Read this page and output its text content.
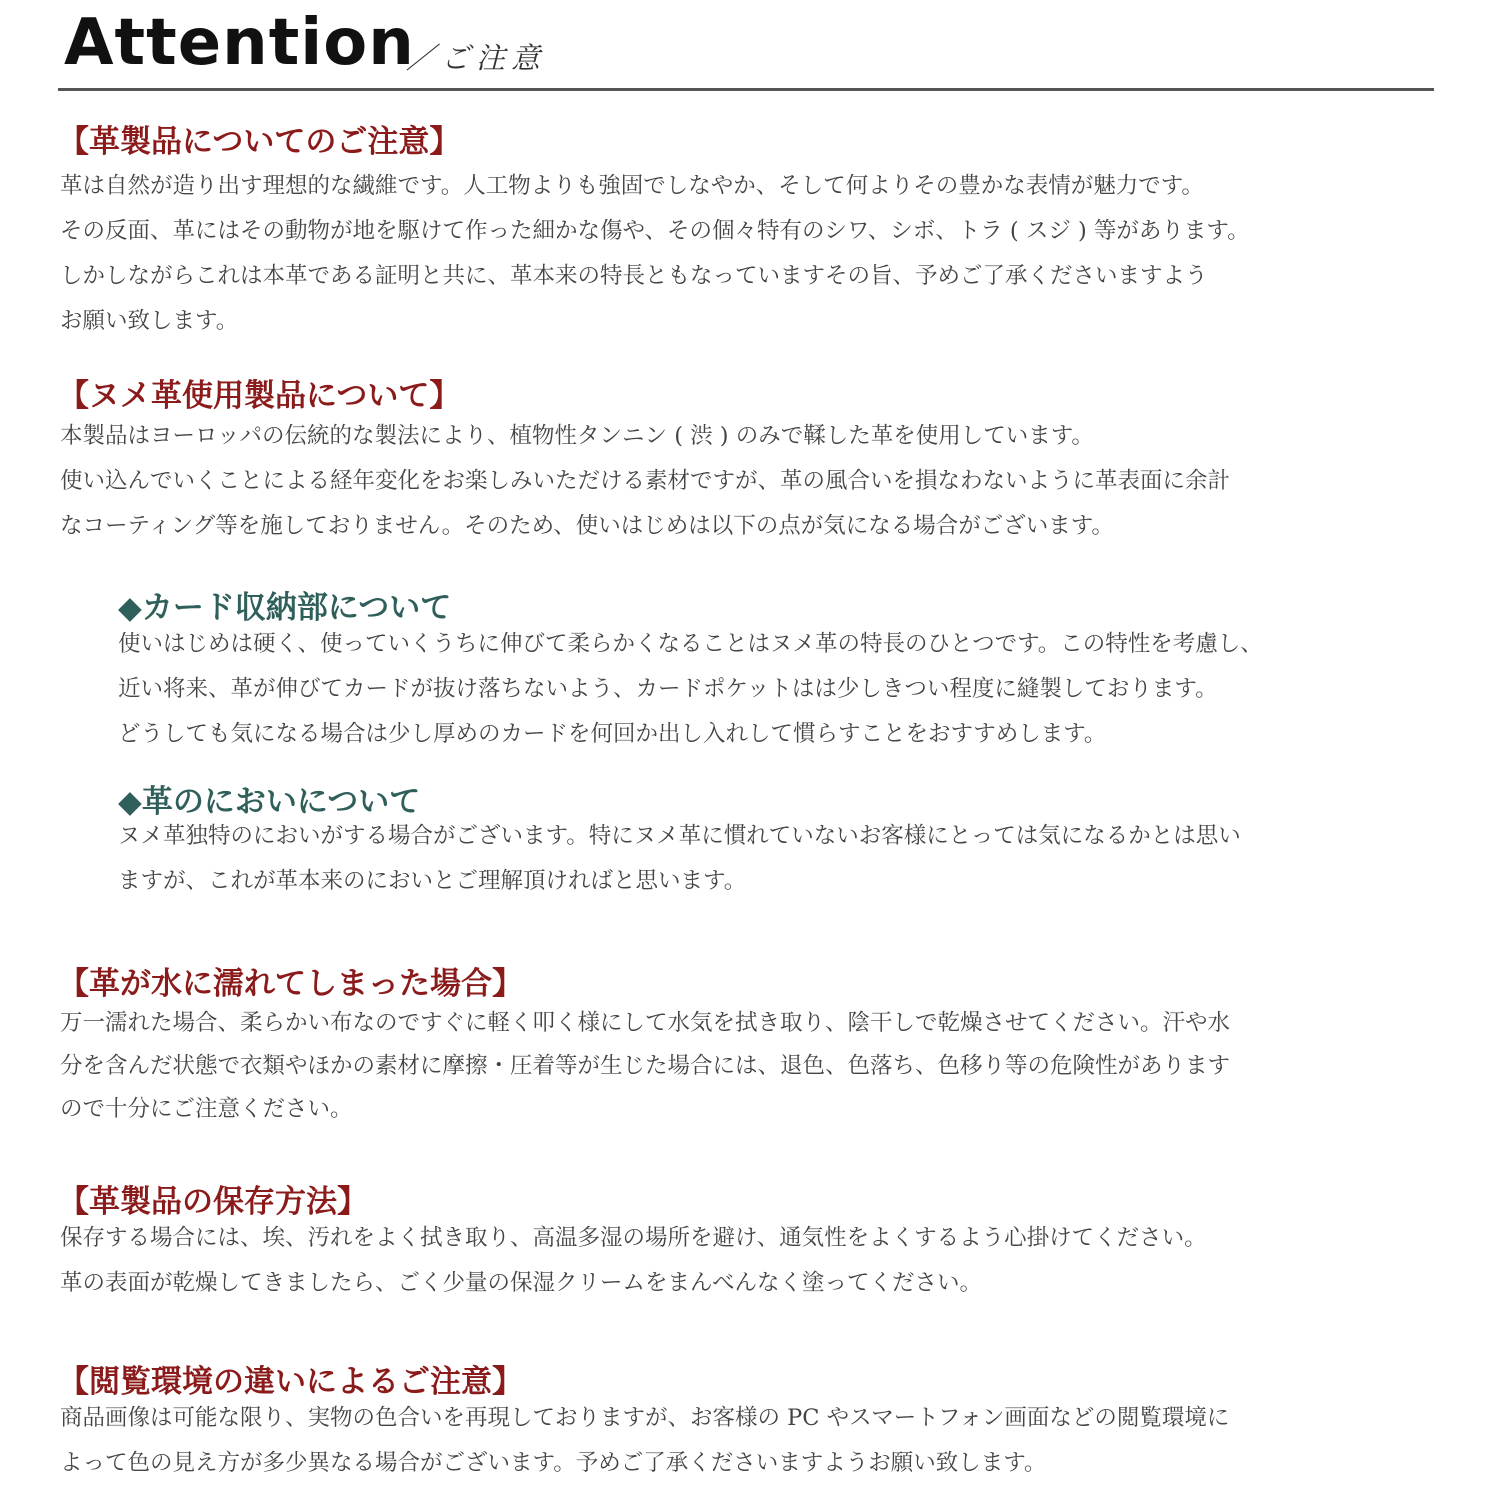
Attention
／ご注意
【革製品についてのご注意】
革は自然が造り出す理想的な繊維です。人工物よりも強固でしなやか、そして何よりその豊かな表情が魅力です。
その反面、革にはその動物が地を駆けて作った細かな傷や、その個々特有のシワ、シボ、トラ ( スジ ) 等があります。
しかしながらこれは本革である証明と共に、革本来の特長ともなっていますその旨、予めご了承くださいますよう
お願い致します。
【ヌメ革使用製品について】
本製品はヨーロッパの伝統的な製法により、植物性タンニン ( 渋 ) のみで鞣した革を使用しています。
使い込んでいくことによる経年変化をお楽しみいただける素材ですが、革の風合いを損なわないように革表面に余計
なコーティング等を施しておりません。そのため、使いはじめは以下の点が気になる場合がございます。
◆カード収納部について
使いはじめは硬く、使っていくうちに伸びて柔らかくなることはヌメ革の特長のひとつです。この特性を考慮し、
近い将来、革が伸びてカードが抜け落ちないよう、カードポケットはは少しきつい程度に縫製しております。
どうしても気になる場合は少し厚めのカードを何回か出し入れして慣らすことをおすすめします。
◆革のにおいについて
ヌメ革独特のにおいがする場合がございます。特にヌメ革に慣れていないお客様にとっては気になるかとは思い
ますが、これが革本来のにおいとご理解頂ければと思います。
【革が水に濡れてしまった場合】
万一濡れた場合、柔らかい布なのですぐに軽く叩く様にして水気を拭き取り、陰干しで乾燥させてください。汗や水
分を含んだ状態で衣類やほかの素材に摩擦・圧着等が生じた場合には、退色、色落ち、色移り等の危険性があります
ので十分にご注意ください。
【革製品の保存方法】
保存する場合には、埃、汚れをよく拭き取り、高温多湿の場所を避け、通気性をよくするよう心掛けてください。
革の表面が乾燥してきましたら、ごく少量の保湿クリームをまんべんなく塗ってください。
【閲覧環境の違いによるご注意】
商品画像は可能な限り、実物の色合いを再現しておりますが、お客様の PC やスマートフォン画面などの閲覧環境に
よって色の見え方が多少異なる場合がございます。予めご了承くださいますようお願い致します。
